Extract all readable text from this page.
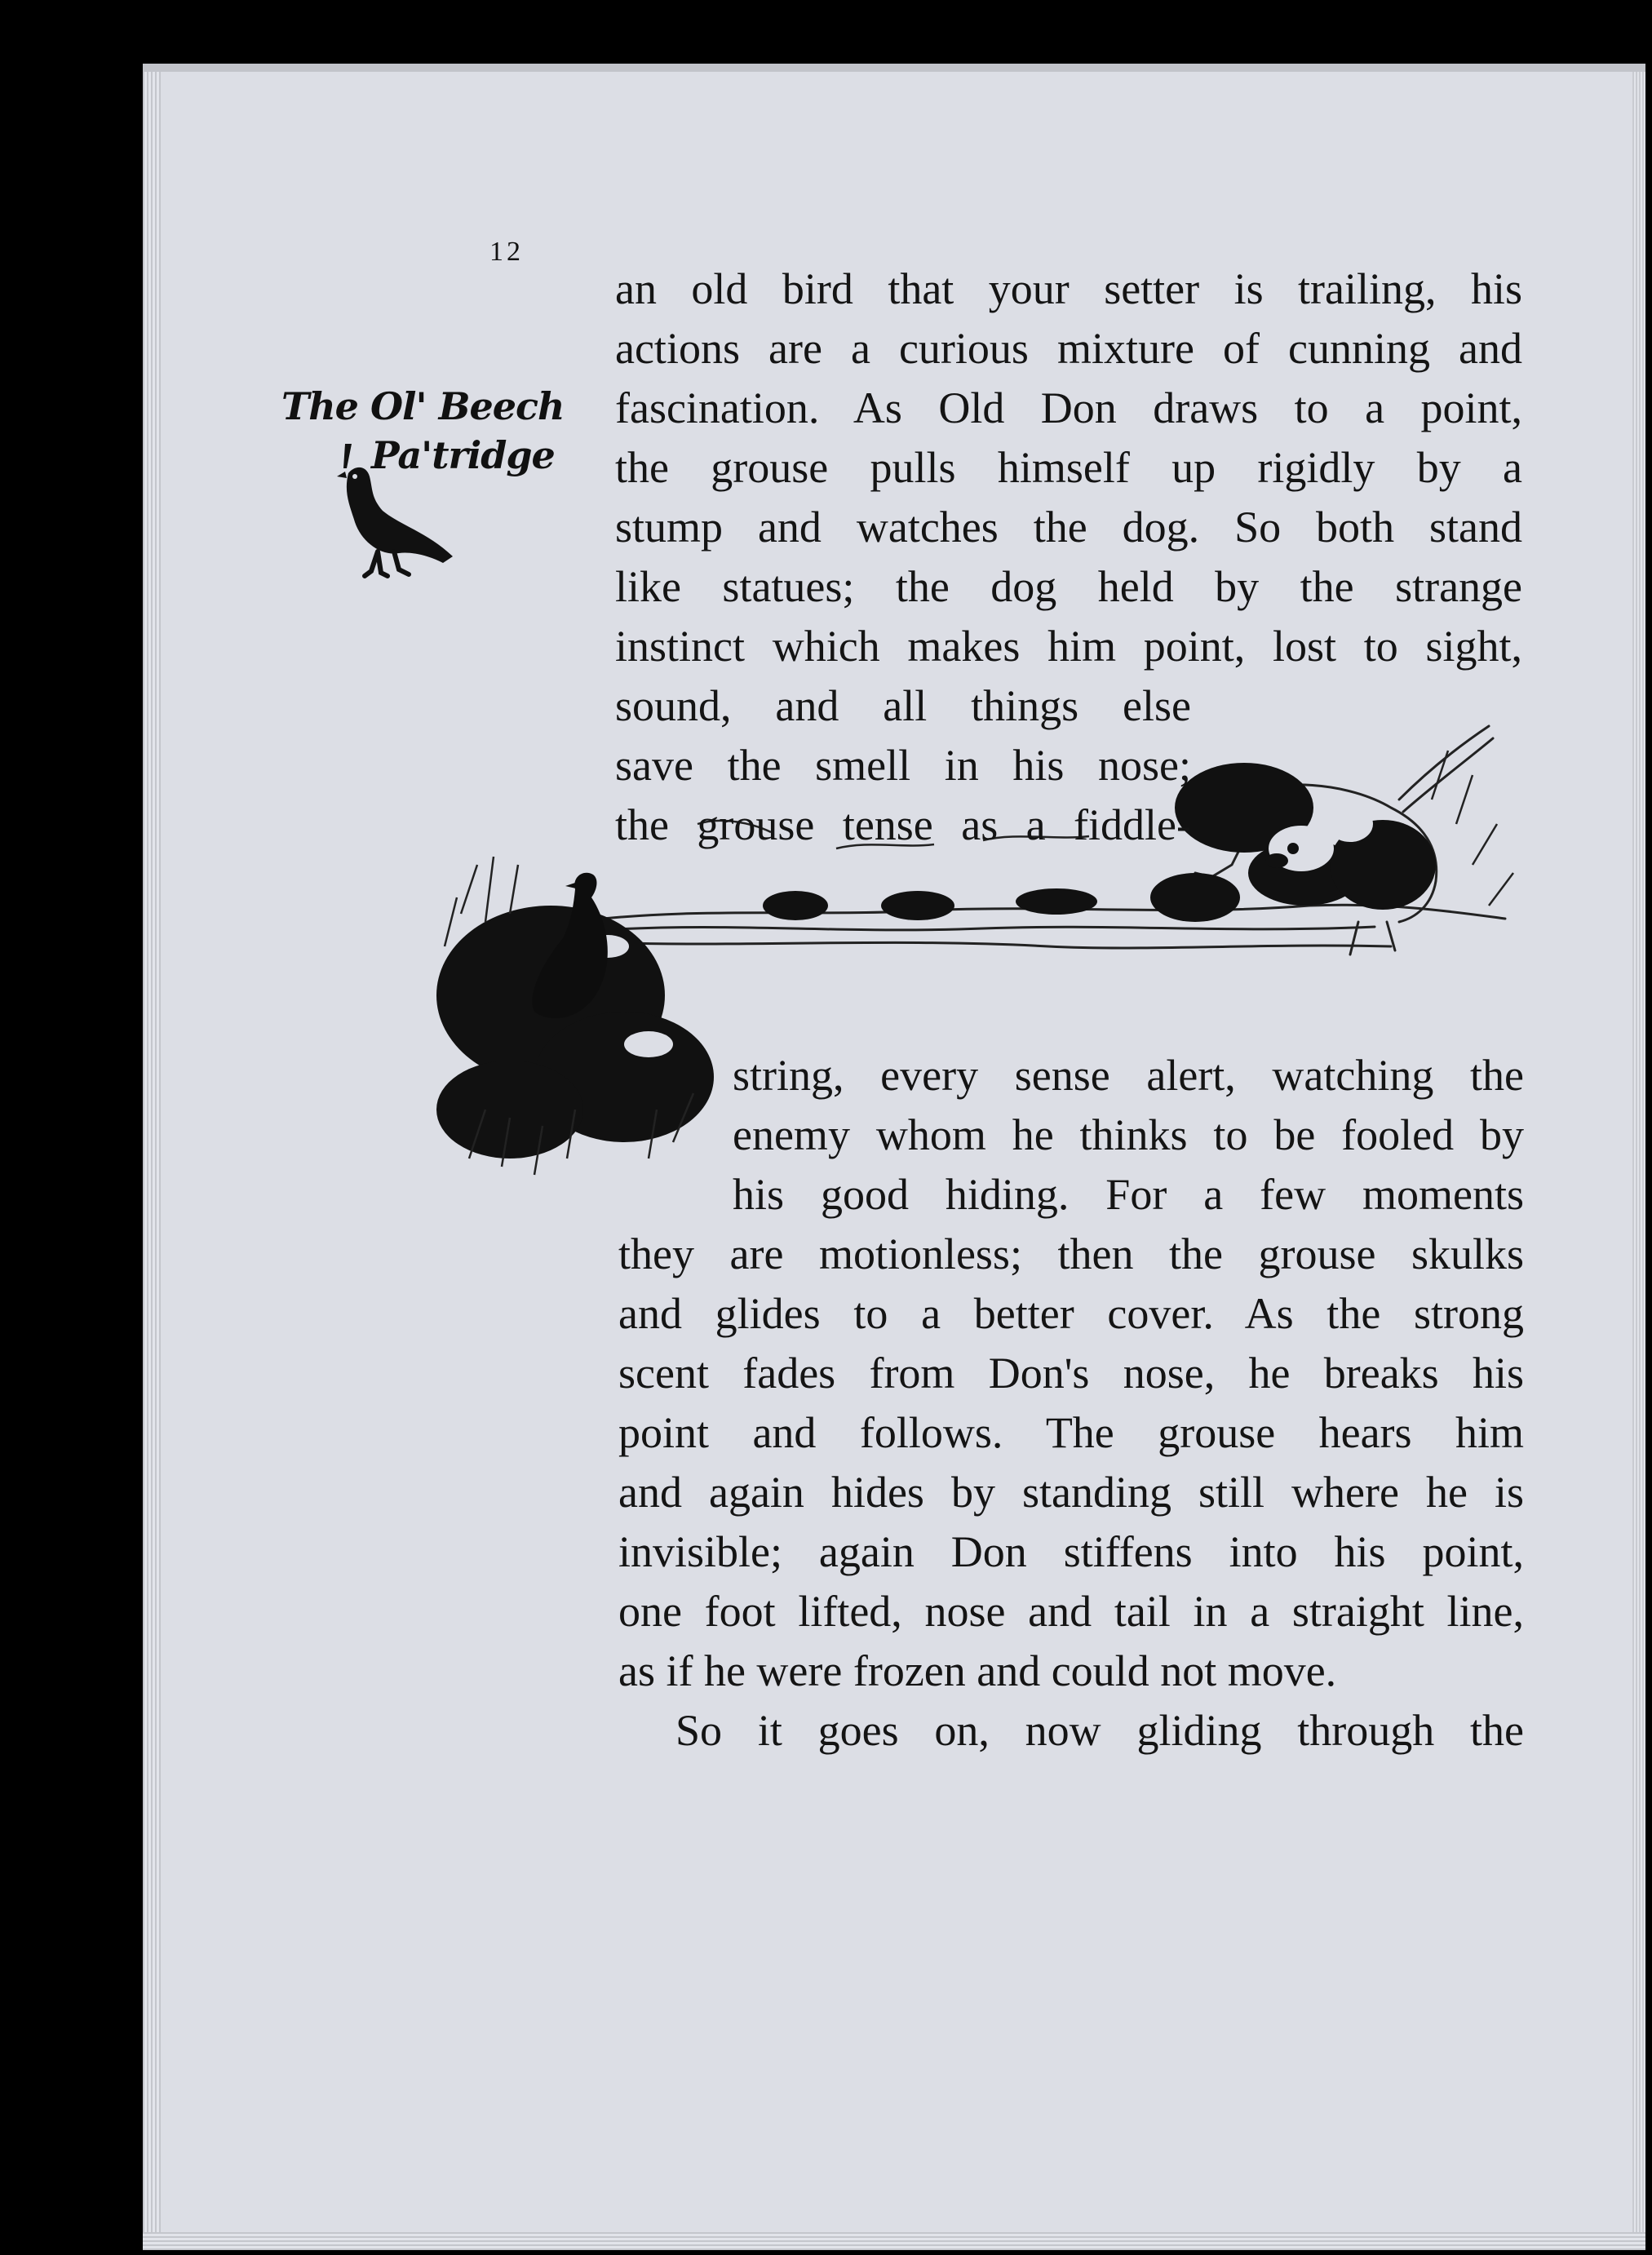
12
The Ol' Beech
Pa'tridge

an old bird that your setter is trailing, his

actions are a curious mixture of cunning and

fascination. As Old Don draws to a point,

the grouse pulls himself up rigidly by a

stump and watches the dog. So both stand

like statues; the dog held by the strange

instinct which makes him point, lost to sight,

sound, and all things else

save the smell in his nose;

the grouse tense as a fiddle-

string, every sense alert, watching the

enemy whom he thinks to be fooled by

his good hiding. For a few moments

they are motionless; then the grouse skulks

and glides to a better cover. As the strong

scent fades from Don's nose, he breaks his

point and follows. The grouse hears him

and again hides by standing still where he is

invisible; again Don stiffens into his point,

one foot lifted, nose and tail in a straight line,

as if he were frozen and could not move.

So it goes on, now gliding through the
